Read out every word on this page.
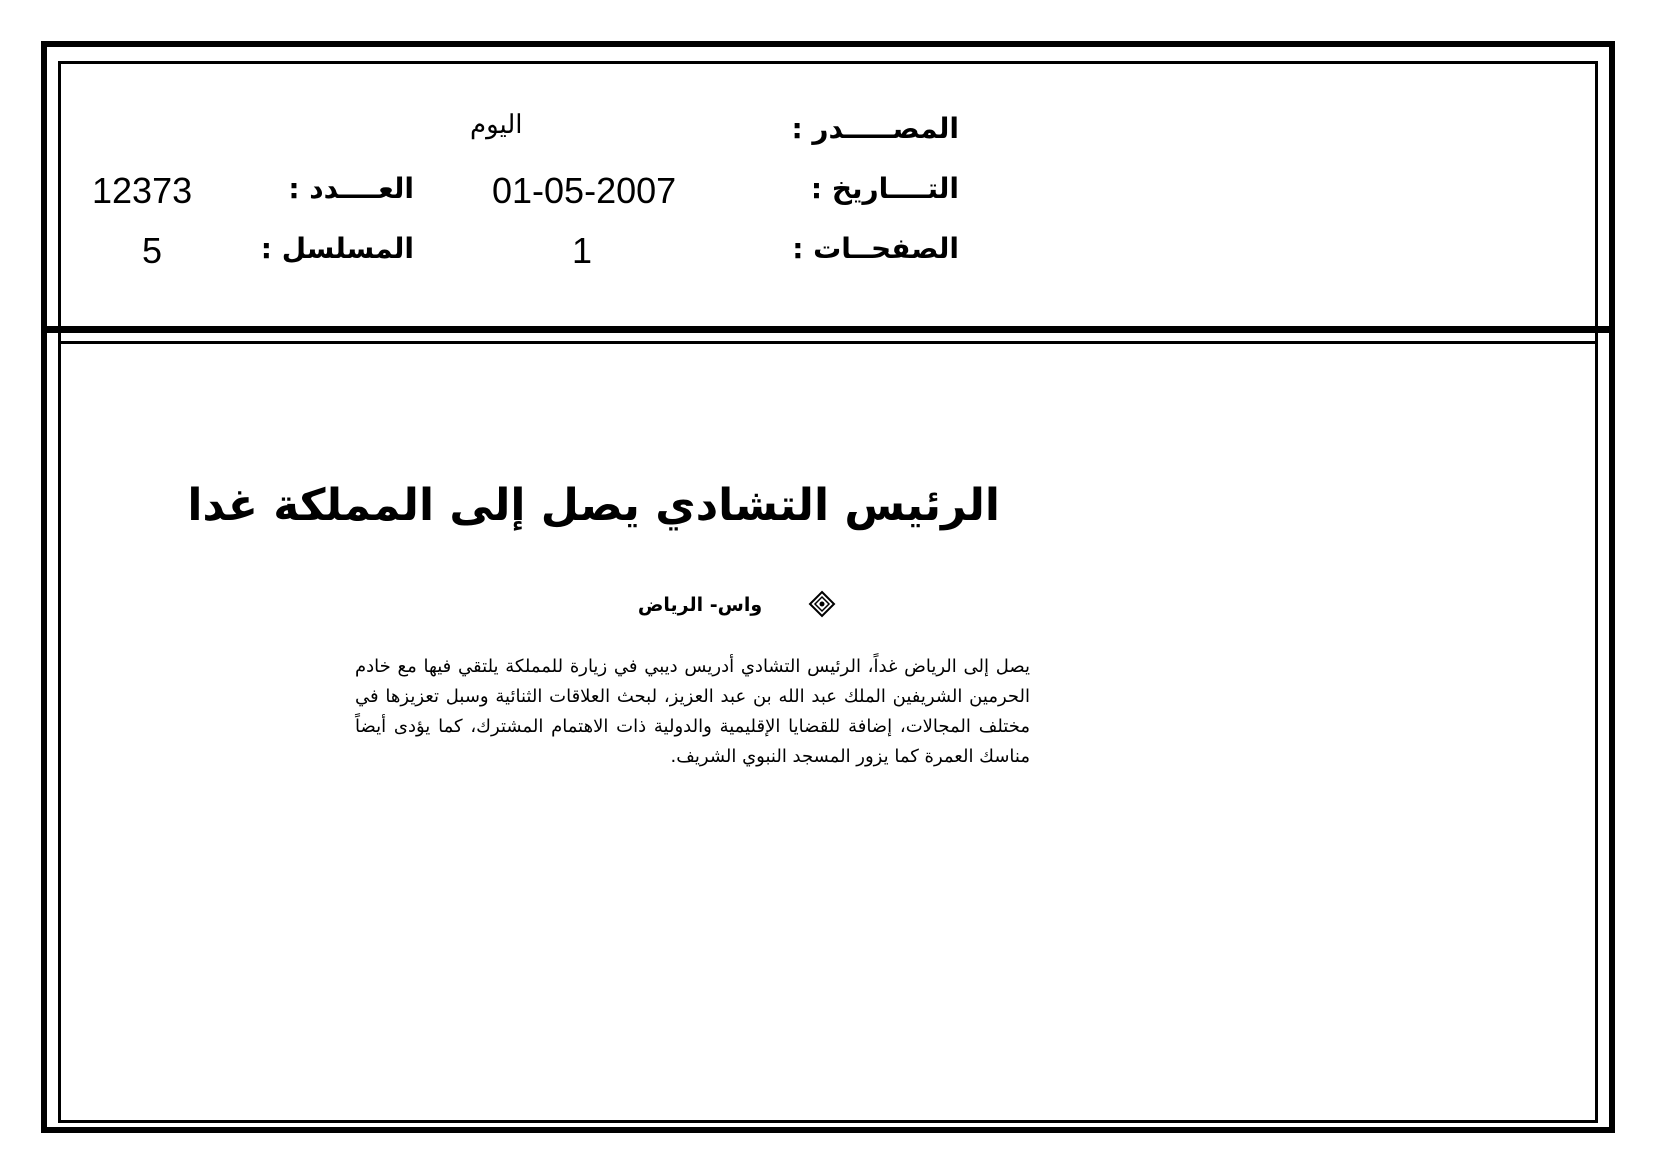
المصـــــدر :
اليوم
التــــاريخ :
01-05-2007
العــــدد :
12373
الصفحــات :
1
المسلسل :
5
الرئيس التشادي يصل إلى المملكة غدا
واس- الرياض

يصل إلى الرياض غداً، الرئيس التشادي أدريس ديبي في زيارة للمملكة يلتقي فيها مع خادم الحرمين الشريفين الملك عبد الله بن عبد العزيز، لبحث العلاقات الثنائية وسبل تعزيزها في مختلف المجالات، إضافة للقضايا الإقليمية والدولية ذات الاهتمام المشترك، كما يؤدى أيضاً مناسك العمرة كما يزور المسجد النبوي الشريف.
